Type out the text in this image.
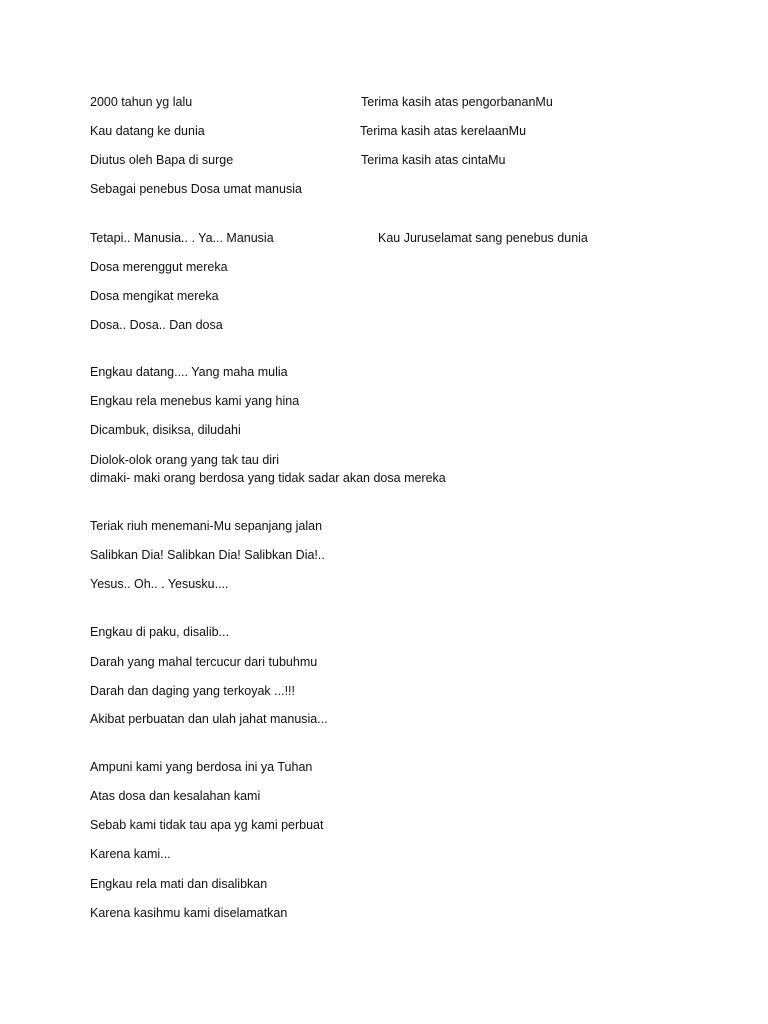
2000 tahun yg lalu
Kau datang ke dunia
Diutus oleh Bapa di surge
Sebagai penebus Dosa umat manusia
Tetapi.. Manusia.. . Ya... Manusia
Dosa merenggut mereka
Dosa mengikat mereka
Dosa.. Dosa.. Dan dosa
Engkau datang.... Yang maha mulia
Engkau rela menebus kami yang hina
Dicambuk, disiksa, diludahi
Diolok-olok orang yang tak tau diri
dimaki- maki orang berdosa yang tidak sadar akan dosa mereka
Teriak riuh menemani-Mu sepanjang jalan
Salibkan Dia! Salibkan Dia! Salibkan Dia!..
Yesus.. Oh.. . Yesusku....
Engkau di paku, disalib...
Darah yang mahal tercucur dari tubuhmu
Darah dan daging yang terkoyak ...!!!
Akibat perbuatan dan ulah jahat manusia...
Ampuni kami yang berdosa ini ya Tuhan
Atas dosa dan kesalahan kami
Sebab kami tidak tau apa yg kami perbuat
Karena kami...
Engkau rela mati dan disalibkan
Karena kasihmu kami diselamatkan
Terima kasih atas pengorbananMu
Terima kasih atas kerelaanMu
Terima kasih atas cintaMu
Kau Juruselamat sang penebus dunia
